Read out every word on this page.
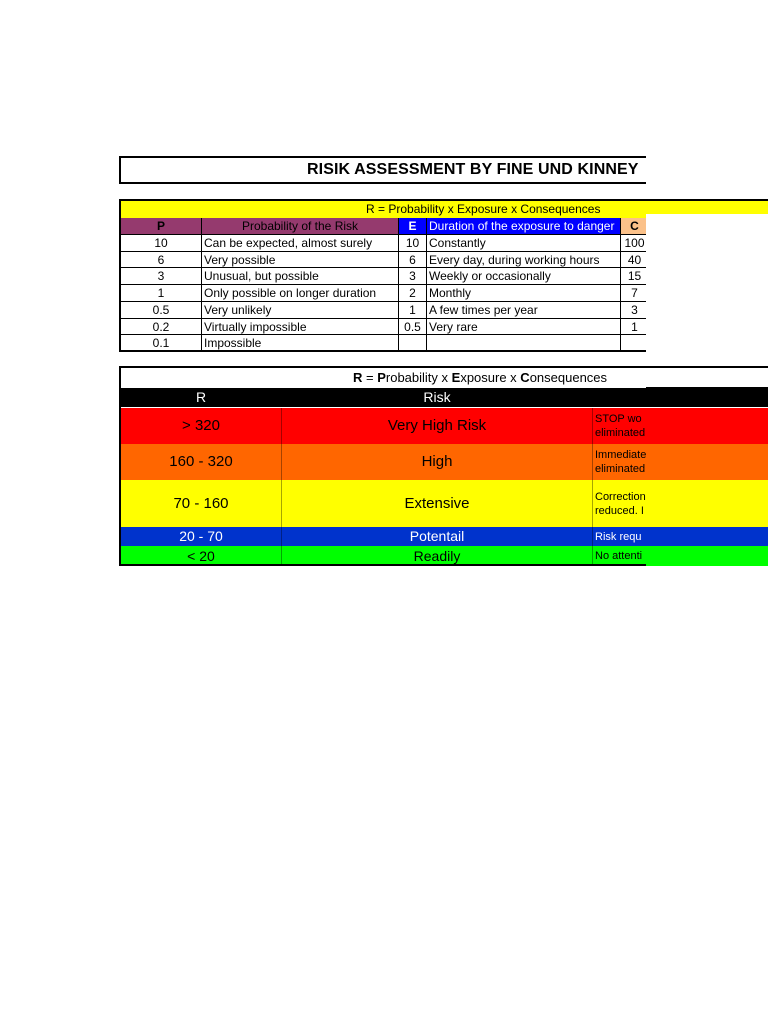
RISIK ASSESSMENT BY FINE UND KINNEY
R = Probability x Exposure x Consequences
P	Probability of the Risk	E	Duration of the exposure to danger	C
10	Can be expected, almost surely	10 Constantly	100
6	Very possible	6	Every day, during working hours	40
3	Unusual, but possible	3	Weekly or occasionally	15
1	Only possible on longer duration	2	Monthly	7
0.5	Very unlikely	1	A few times per year	3
0.2	Virtually impossible	0.5 Very rare	1
0.1	Impossible
R = Probability x Exposure x Consequences
R	Risk
> 320	Very High Risk	STOP wo
eliminated
160 - 320	High	Immediate
eliminated
70 - 160	Extensive	Correction
reduced. I
20 - 70	Potentail	Risk requ
< 20	Readily	No attenti
